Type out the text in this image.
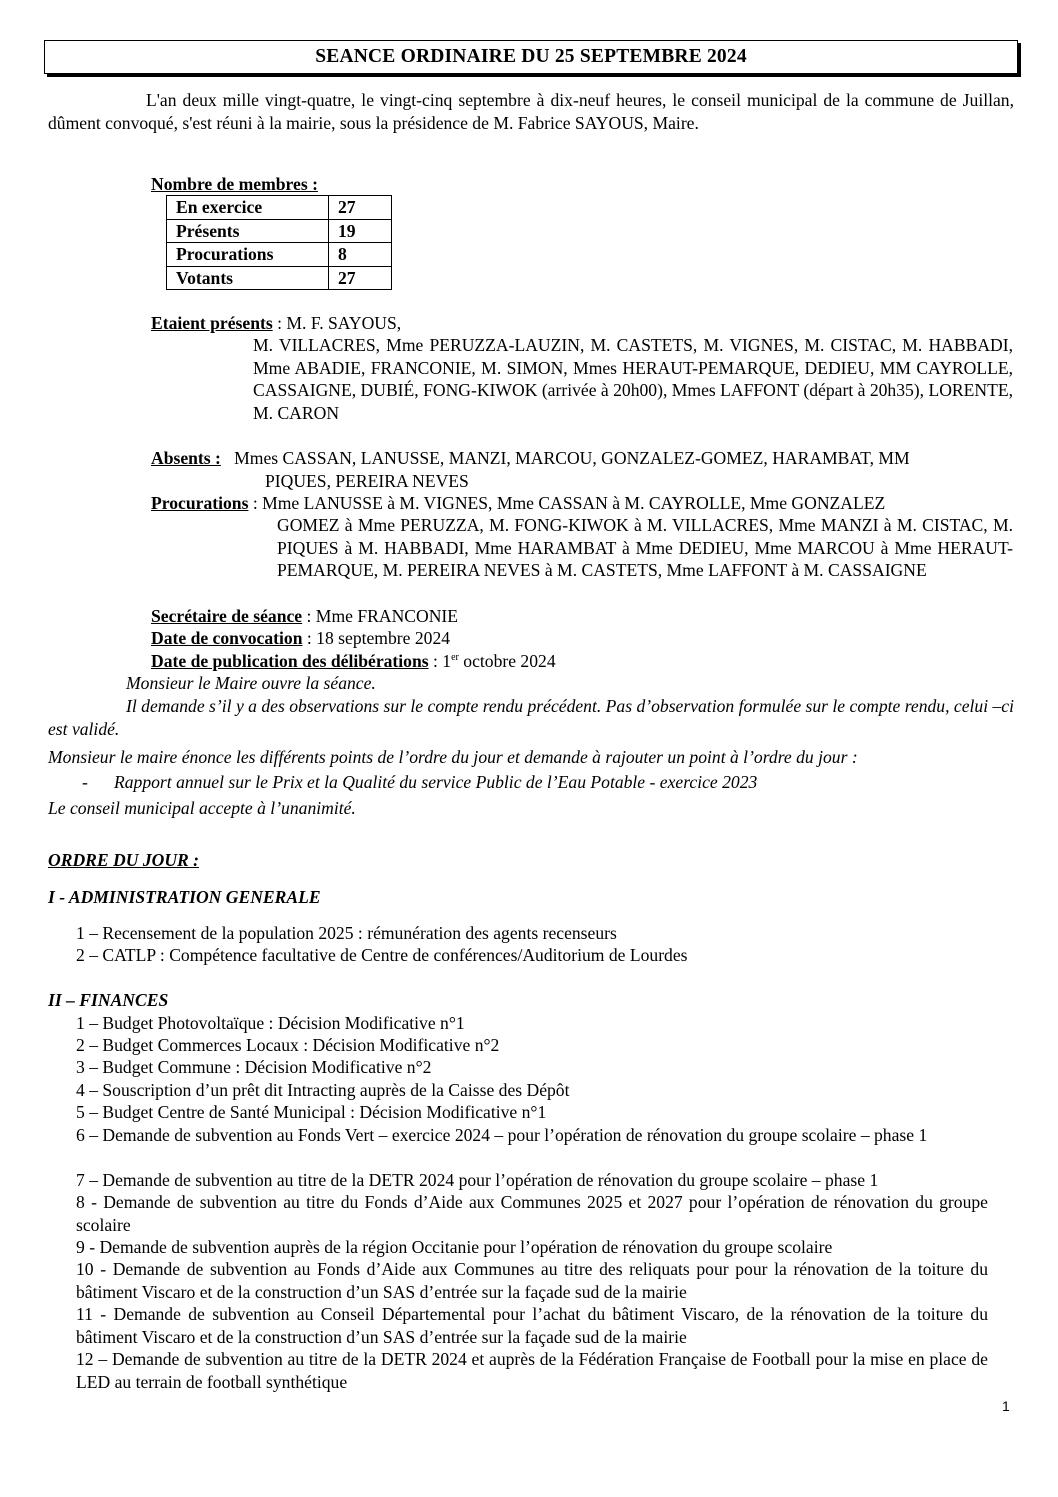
SEANCE ORDINAIRE DU 25 SEPTEMBRE 2024
L'an deux mille vingt-quatre, le vingt-cinq septembre à dix-neuf heures, le conseil municipal de la commune de Juillan, dûment convoqué, s'est réuni à la mairie, sous la présidence de M. Fabrice SAYOUS, Maire.
Nombre de membres :
En exercice	27
Présents	19
Procurations	8
Votants	27
Etaient présents : M. F. SAYOUS,
M. VILLACRES, Mme PERUZZA-LAUZIN, M. CASTETS, M. VIGNES, M. CISTAC, M. HABBADI, Mme ABADIE, FRANCONIE, M. SIMON, Mmes HERAUT-PEMARQUE, DEDIEU, MM CAYROLLE, CASSAIGNE, DUBIÉ, FONG-KIWOK (arrivée à 20h00), Mmes LAFFONT (départ à 20h35), LORENTE, M. CARON
Absents : Mmes CASSAN, LANUSSE, MANZI, MARCOU, GONZALEZ-GOMEZ, HARAMBAT, MM
PIQUES, PEREIRA NEVES
Procurations : Mme LANUSSE à M. VIGNES, Mme CASSAN à M. CAYROLLE, Mme GONZALEZ
GOMEZ à Mme PERUZZA, M. FONG-KIWOK à M. VILLACRES, Mme MANZI à M. CISTAC, M. PIQUES à M. HABBADI, Mme HARAMBAT à Mme DEDIEU, Mme MARCOU à Mme HERAUT-PEMARQUE, M. PEREIRA NEVES à M. CASTETS, Mme LAFFONT à M. CASSAIGNE
Secrétaire de séance : Mme FRANCONIE
Date de convocation : 18 septembre 2024
Date de publication des délibérations : 1er octobre 2024
Monsieur le Maire ouvre la séance.
Il demande s’il y a des observations sur le compte rendu précédent. Pas d’observation formulée sur le compte rendu, celui –ci est validé.
Monsieur le maire énonce les différents points de l’ordre du jour et demande à rajouter un point à l’ordre du jour :
- Rapport annuel sur le Prix et la Qualité du service Public de l’Eau Potable - exercice 2023
Le conseil municipal accepte à l’unanimité.
ORDRE DU JOUR :
I - ADMINISTRATION GENERALE
1 – Recensement de la population 2025 : rémunération des agents recenseurs
2 – CATLP : Compétence facultative de Centre de conférences/Auditorium de Lourdes
II – FINANCES
1 – Budget Photovoltaïque : Décision Modificative n°1
2 – Budget Commerces Locaux : Décision Modificative n°2
3 – Budget Commune : Décision Modificative n°2
4 – Souscription d’un prêt dit Intracting auprès de la Caisse des Dépôt
5 – Budget Centre de Santé Municipal : Décision Modificative n°1
6 – Demande de subvention au Fonds Vert – exercice 2024 – pour l’opération de rénovation du groupe scolaire – phase 1
7 – Demande de subvention au titre de la DETR 2024 pour l’opération de rénovation du groupe scolaire – phase 1
8 - Demande de subvention au titre du Fonds d’Aide aux Communes 2025 et 2027 pour l’opération de rénovation du groupe scolaire
9 - Demande de subvention auprès de la région Occitanie pour l’opération de rénovation du groupe scolaire
10 - Demande de subvention au Fonds d’Aide aux Communes au titre des reliquats pour pour la rénovation de la toiture du bâtiment Viscaro et de la construction d’un SAS d’entrée sur la façade sud de la mairie
11 - Demande de subvention au Conseil Départemental pour l’achat du bâtiment Viscaro, de la rénovation de la toiture du bâtiment Viscaro et de la construction d’un SAS d’entrée sur la façade sud de la mairie
12 – Demande de subvention au titre de la DETR 2024 et auprès de la Fédération Française de Football pour la mise en place de LED au terrain de football synthétique
1
